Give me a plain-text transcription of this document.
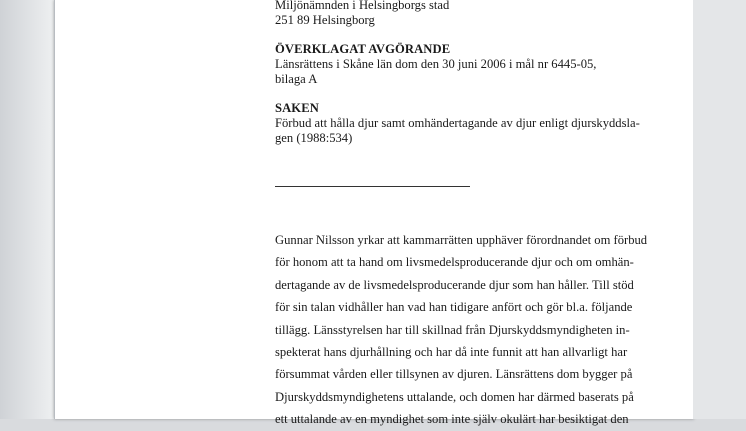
Miljönämnden i Helsingborgs stad
251 89 Helsingborg
ÖVERKLAGAT AVGÖRANDE
Länsrättens i Skåne län dom den 30 juni 2006 i mål nr 6445-05,
bilaga A
SAKEN
Förbud att hålla djur samt omhändertagande av djur enligt djurskyddsla-
gen (1988:534)
Gunnar Nilsson yrkar att kammarrätten upphäver förordnandet om förbud
för honom att ta hand om livsmedelsproducerande djur och om omhän-
dertagande av de livsmedelsproducerande djur som han håller. Till stöd
för sin talan vidhåller han vad han tidigare anfört och gör bl.a. följande
tillägg. Länsstyrelsen har till skillnad från Djurskyddsmyndigheten in-
spekterat hans djurhållning och har då inte funnit att han allvarligt har
försummat vården eller tillsynen av djuren. Länsrättens dom bygger på
Djurskyddsmyndighetens uttalande, och domen har därmed baserats på
ett uttalande av en myndighet som inte själv okulärt har besiktigat den
